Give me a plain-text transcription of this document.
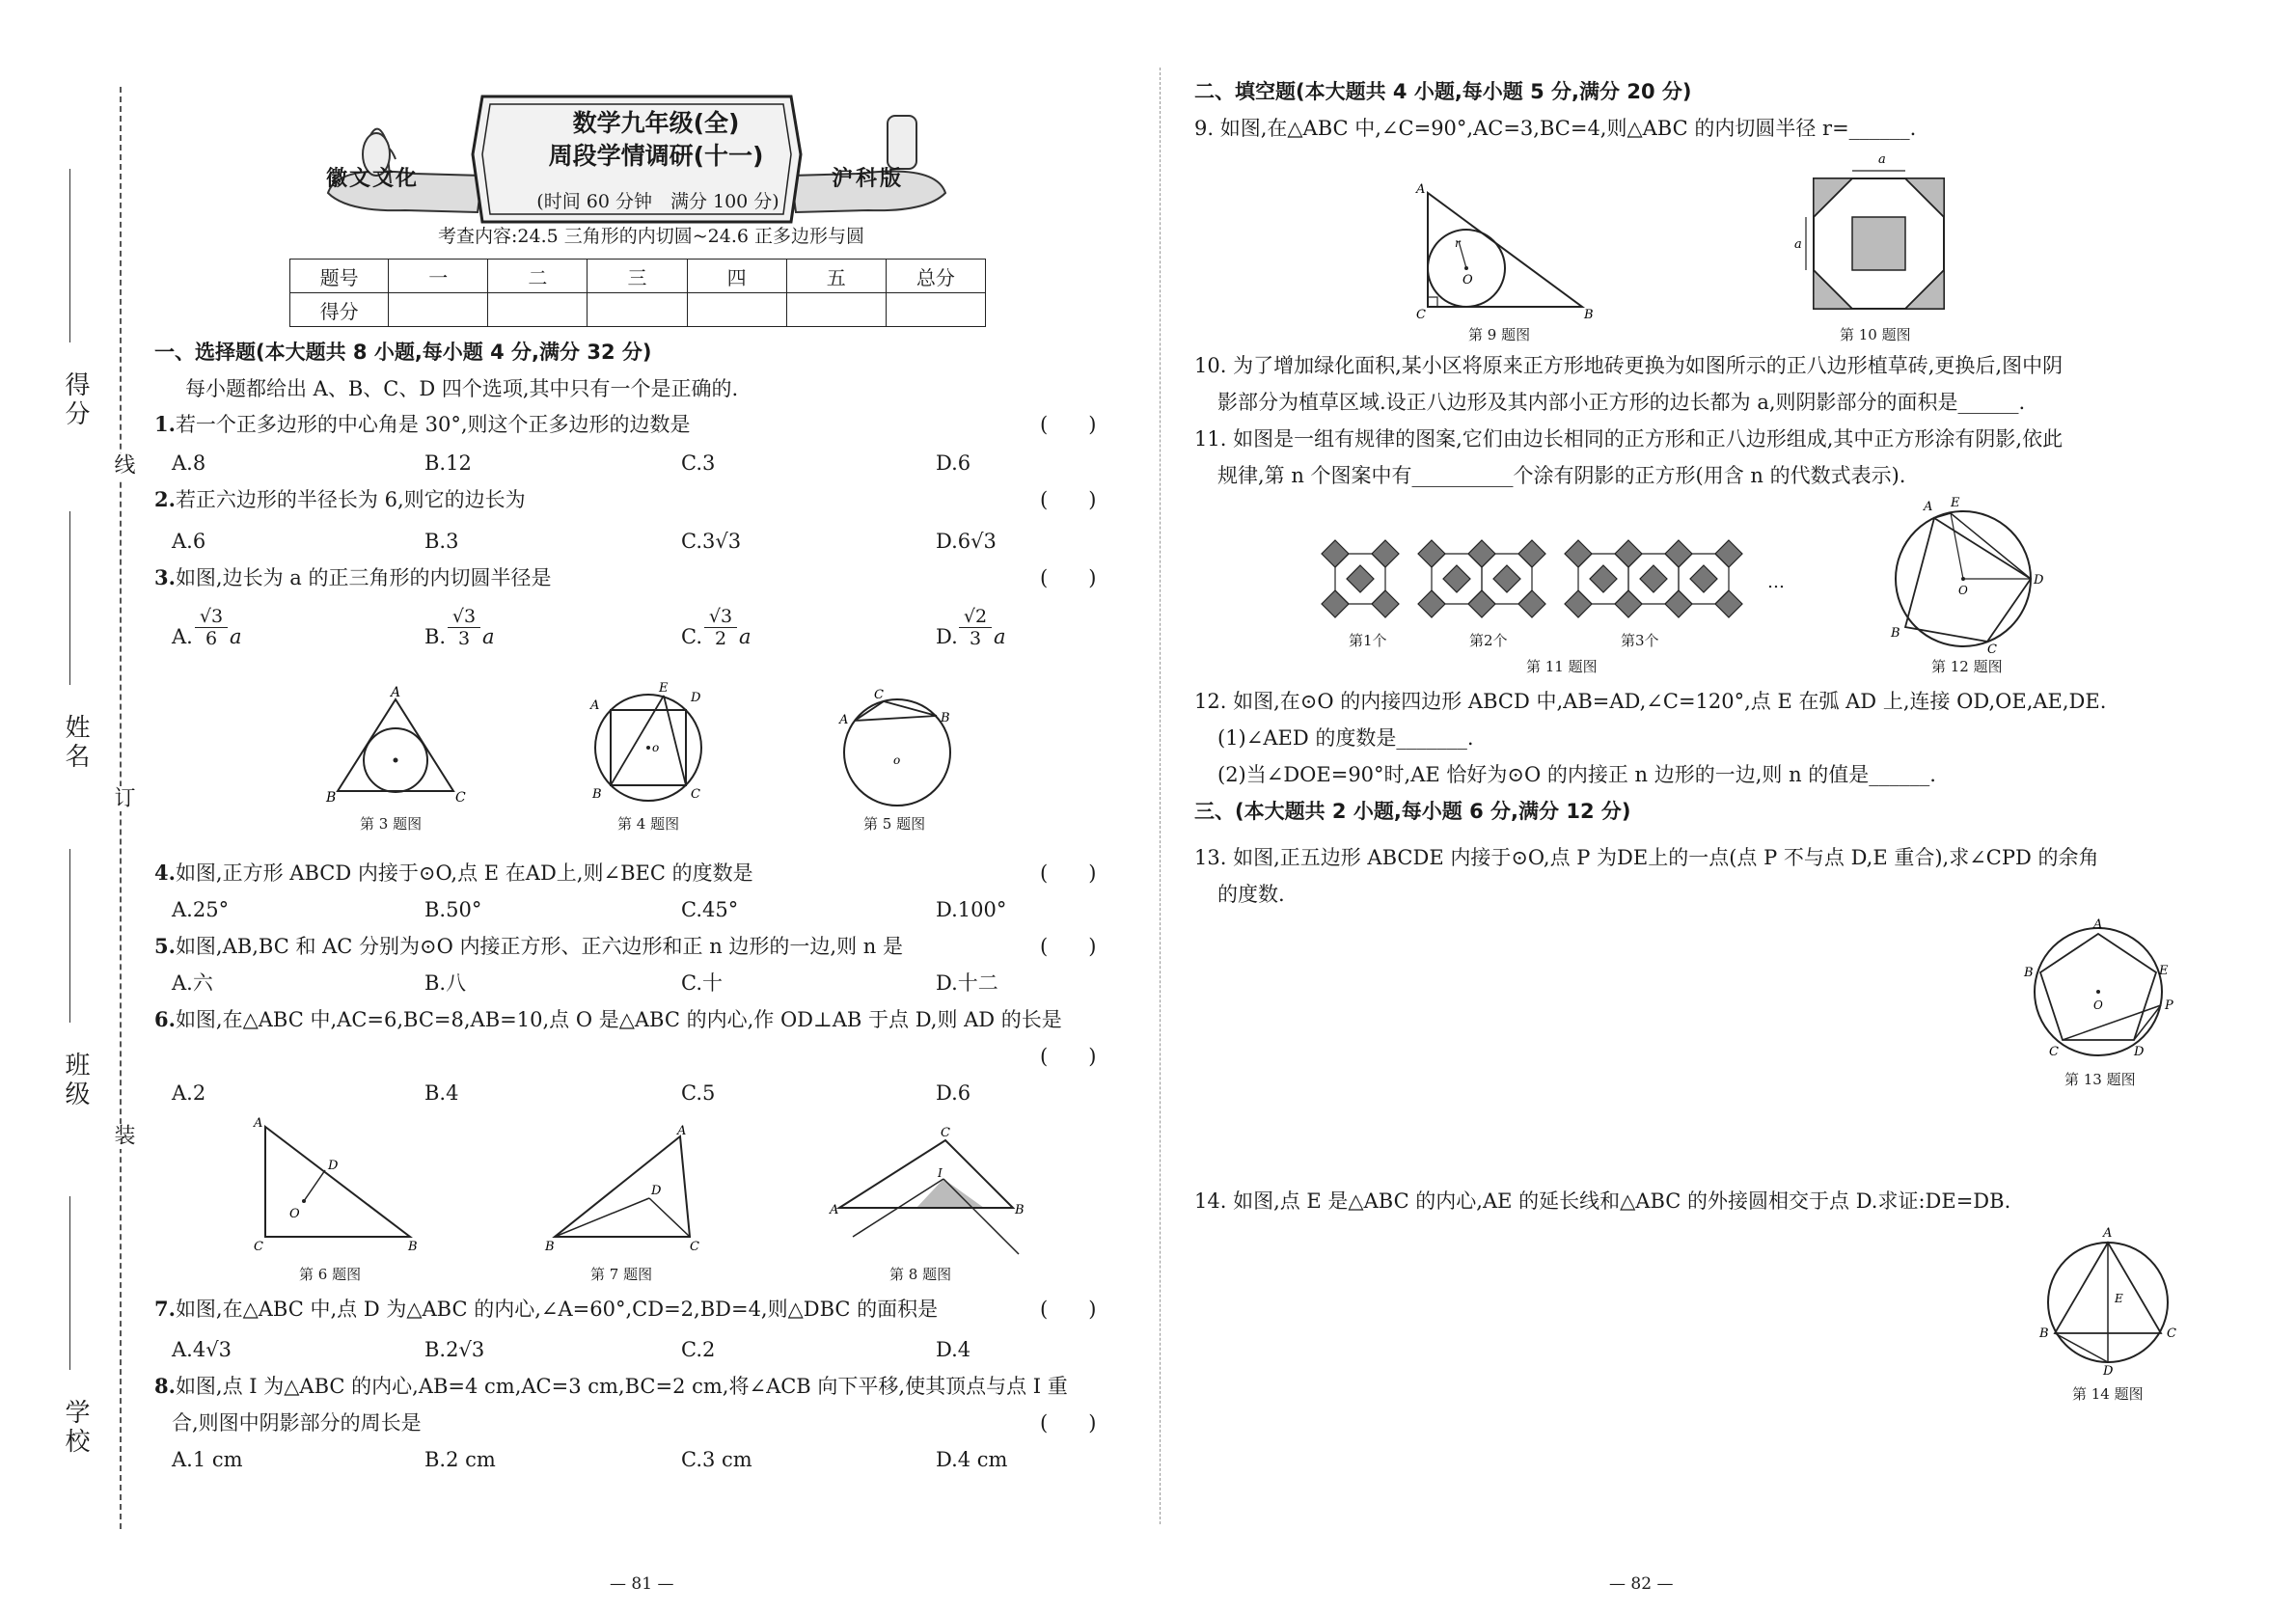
得分
姓名
班级
学校
线
订
装
数学九年级(全)
周段学情调研(十一)
徽文文化	沪科版
(时间 60 分钟　满分 100 分)
考查内容:24.5 三角形的内切圆~24.6 正多边形与圆
题号	一	二	三	四	五	总分
得分						
一、选择题(本大题共 8 小题,每小题 4 分,满分 32 分)
每小题都给出 A、B、C、D 四个选项,其中只有一个是正确的.
1.若一个正多边形的中心角是 30°,则这个正多边形的边数是	(　　)
A.8	B.12	C.3	D.6
2.若正六边形的半径长为 6,则它的边长为	(　　)
A.6	B.3	C.3√3	D.6√3
3.如图,边长为 a 的正三角形的内切圆半径是	(　　)
A. $\frac{√3}{6}$ a	B. $\frac{√3}{3}$ a	C. $\frac{√3}{2}$ a	D. $\frac{√2}{3}$ a
A
B	C
第 3 题图
E
D
A
B	C
o
第 4 题图
C
A	B
o
第 5 题图
4.如图,正方形 ABCD 内接于⊙O,点 E 在AD上,则∠BEC 的度数是	(　　)
A.25°	B.50°	C.45°	D.100°
5.如图,AB,BC 和 AC 分别为⊙O 内接正方形、正六边形和正 n 边形的一边,则 n 是	(　　)
A.六	B.八	C.十	D.十二
6.如图,在△ABC 中,AC=6,BC=8,AB=10,点 O 是△ABC 的内心,作 OD⊥AB 于点 D,则 AD 的长是
(　　)
A.2	B.4	C.5	D.6
A
D
O
C	B
第 6 题图
A
D
B	C
第 7 题图
C
I
A	B
第 8 题图
7.如图,在△ABC 中,点 D 为△ABC 的内心,∠A=60°,CD=2,BD=4,则△DBC 的面积是	(　　)
A.4√3	B.2√3	C.2	D.4
8.如图,点 I 为△ABC 的内心,AB=4 cm,AC=3 cm,BC=2 cm,将∠ACB 向下平移,使其顶点与点 I 重
合,则图中阴影部分的周长是	(　　)
A.1 cm	B.2 cm	C.3 cm	D.4 cm
二、填空题(本大题共 4 小题,每小题 5 分,满分 20 分)
9. 如图,在△ABC 中,∠C=90°,AC=3,BC=4,则△ABC 的内切圆半径 r=______.
A
r
O
C	B
第 9 题图
a
a
第 10 题图
10. 为了增加绿化面积,某小区将原来正方形地砖更换为如图所示的正八边形植草砖,更换后,图中阴
影部分为植草区域.设正八边形及其内部小正方形的边长都为 a,则阴影部分的面积是______.
11. 如图是一组有规律的图案,它们由边长相同的正方形和正八边形组成,其中正方形涂有阴影,依此
规律,第 n 个图案中有__________个涂有阴影的正方形(用含 n 的代数式表示).
…
第1个	第2个	第3个
第 11 题图
A E
D
O
B
C
第 12 题图
12. 如图,在⊙O 的内接四边形 ABCD 中,AB=AD,∠C=120°,点 E 在弧 AD 上,连接 OD,OE,AE,DE.
(1)∠AED 的度数是_______.
(2)当∠DOE=90°时,AE 恰好为⊙O 的内接正 n 边形的一边,则 n 的值是______.
三、(本大题共 2 小题,每小题 6 分,满分 12 分)
13. 如图,正五边形 ABCDE 内接于⊙O,点 P 为DE上的一点(点 P 不与点 D,E 重合),求∠CPD 的余角
的度数.
A
E
P
O
B
C	D
第 13 题图
14. 如图,点 E 是△ABC 的内心,AE 的延长线和△ABC 的外接圆相交于点 D.求证:DE=DB.
A
E
B	C
D
第 14 题图
— 81 —	— 82 —
